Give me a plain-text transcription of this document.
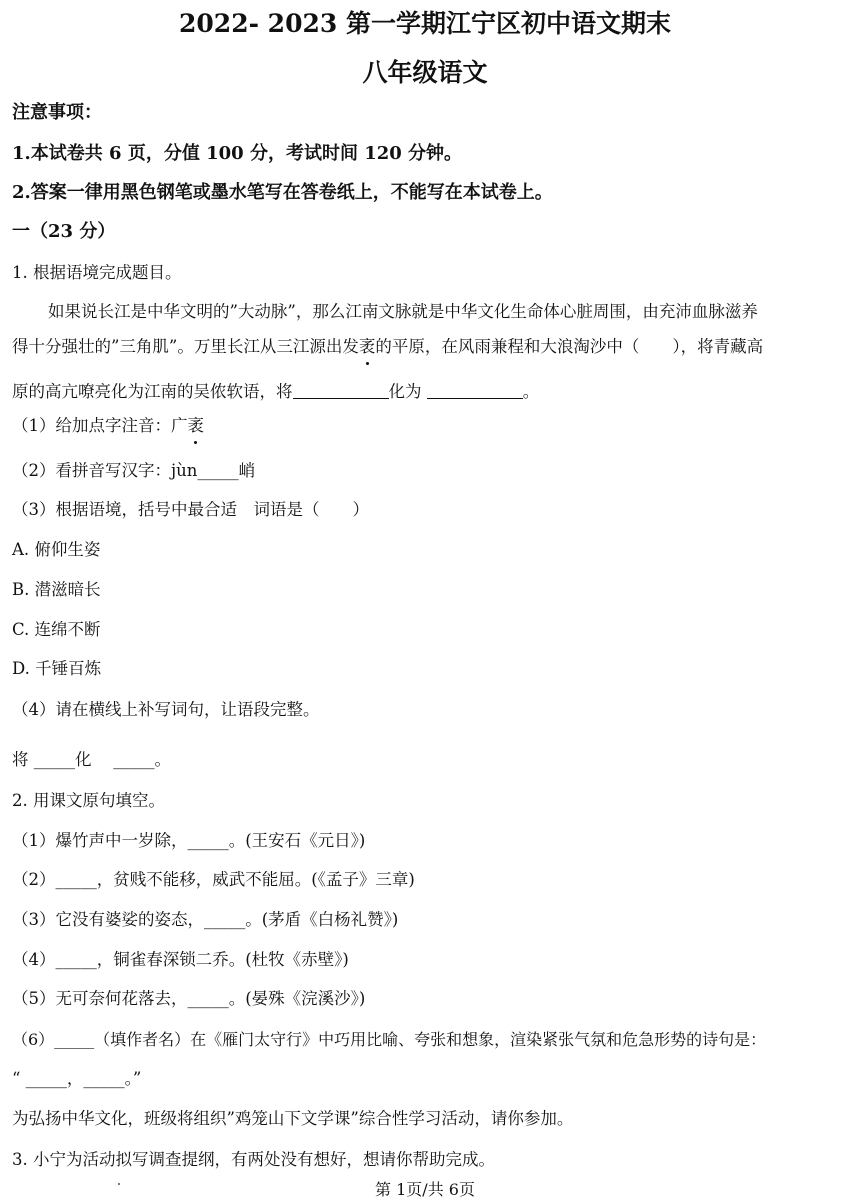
2022- 2023 第一学期江宁区初中语文期末
八年级语文
注意事项：
1.本试卷共 6 页，分值 100 分，考试时间 120 分钟。
2.答案一律用黑色钢笔或墨水笔写在答卷纸上，不能写在本试卷上。
一（23 分）
1. 根据语境完成题目。
如果说长江是中华文明的”大动脉”，那么江南文脉就是中华文化生命体心脏周围，由充沛血脉滋养
得十分强壮的”三角肌”。万里长江从三江源出发袤的平原，在风雨兼程和大浪淘沙中（　　），将青藏高
原的高亢嘹亮化为江南的吴侬软语，将	化为	。
（1）给加点字注音：广袤
（2）看拼音写汉字：jùn_____峭
（3）根据语境，括号中最合适　词语是（　　）
A. 俯仰生姿
B. 潜滋暗长
C. 连绵不断
D. 千锤百炼
（4）请在横线上补写词句，让语段完整。
将 _____化　 _____。
2. 用课文原句填空。
（1）爆竹声中一岁除，_____。(王安石《元日》)
（2）_____，贫贱不能移，威武不能屈。(《孟子》三章)
（3）它没有婆娑的姿态，_____。(茅盾《白杨礼赞》)
（4）_____，铜雀春深锁二乔。(杜牧《赤壁》)
（5）无可奈何花落去，_____。(晏殊《浣溪沙》)
（6）_____（填作者名）在《雁门太守行》中巧用比喻、夸张和想象，渲染紧张气氛和危急形势的诗句是：
“ _____，_____。”
为弘扬中华文化，班级将组织”鸡笼山下文学课”综合性学习活动，请你参加。
3. 小宁为活动拟写调查提纲，有两处没有想好，想请你帮助完成。
第 1页/共 6页
